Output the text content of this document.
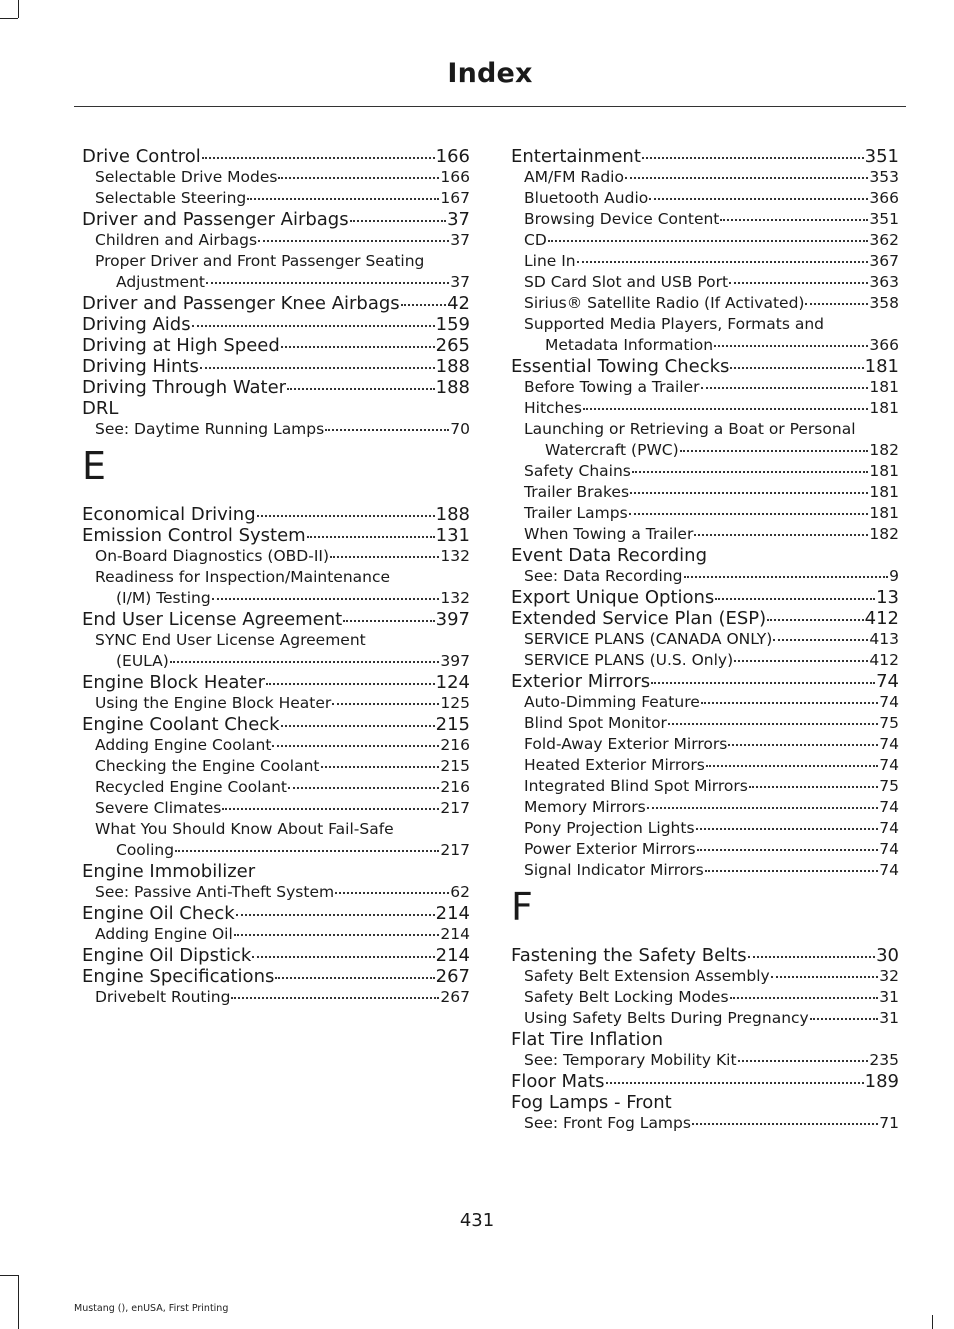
Index
Drive Control	166
Selectable Drive Modes	166
Selectable Steering	167
Driver and Passenger Airbags	37
Children and Airbags	37
Proper Driver and Front Passenger Seating
Adjustment	37
Driver and Passenger Knee Airbags	42
Driving Aids	159
Driving at High Speed	265
Driving Hints	188
Driving Through Water	188
DRL
See: Daytime Running Lamps	70
E
Economical Driving	188
Emission Control System	131
On-Board Diagnostics (OBD-II)	132
Readiness for Inspection/Maintenance
(I/M) Testing	132
End User License Agreement	397
SYNC End User License Agreement
(EULA)	397
Engine Block Heater	124
Using the Engine Block Heater	125
Engine Coolant Check	215
Adding Engine Coolant	216
Checking the Engine Coolant	215
Recycled Engine Coolant	216
Severe Climates	217
What You Should Know About Fail-Safe
Cooling	217
Engine Immobilizer
See: Passive Anti-Theft System	62
Engine Oil Check	214
Adding Engine Oil	214
Engine Oil Dipstick	214
Engine Specifications	267
Drivebelt Routing	267
Entertainment	351
AM/FM Radio	353
Bluetooth Audio	366
Browsing Device Content	351
CD	362
Line In	367
SD Card Slot and USB Port	363
Sirius® Satellite Radio (If Activated)	358
Supported Media Players, Formats and
Metadata Information	366
Essential Towing Checks	181
Before Towing a Trailer	181
Hitches	181
Launching or Retrieving a Boat or Personal
Watercraft (PWC)	182
Safety Chains	181
Trailer Brakes	181
Trailer Lamps	181
When Towing a Trailer	182
Event Data Recording
See: Data Recording	9
Export Unique Options	13
Extended Service Plan (ESP)	412
SERVICE PLANS (CANADA ONLY)	413
SERVICE PLANS (U.S. Only)	412
Exterior Mirrors	74
Auto-Dimming Feature	74
Blind Spot Monitor	75
Fold-Away Exterior Mirrors	74
Heated Exterior Mirrors	74
Integrated Blind Spot Mirrors	75
Memory Mirrors	74
Pony Projection Lights	74
Power Exterior Mirrors	74
Signal Indicator Mirrors	74
F
Fastening the Safety Belts	30
Safety Belt Extension Assembly	32
Safety Belt Locking Modes	31
Using Safety Belts During Pregnancy	31
Flat Tire Inflation
See: Temporary Mobility Kit	235
Floor Mats	189
Fog Lamps - Front
See: Front Fog Lamps	71
431
Mustang (), enUSA, First Printing
